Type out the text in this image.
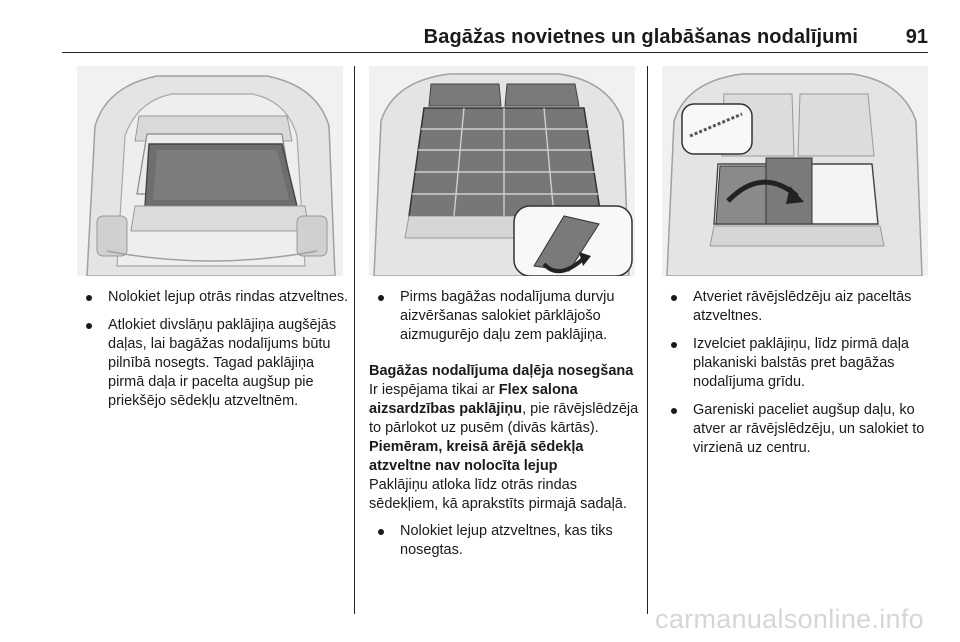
Bagāžas novietnes un glabāšanas nodalījumi 91
Nolokiet lejup otrās rindas atzveltnes.
Atlokiet divslāņu paklājiņa augšējās daļas, lai bagāžas nodalījums būtu pilnībā nosegts. Tagad paklājiņa pirmā daļa ir pacelta augšup pie priekšējo sēdekļu atzveltnēm.
Pirms bagāžas nodalījuma durvju aizvēršanas salokiet pārklājošo aizmugurējo daļu zem paklājiņa.

Bagāžas nodalījuma daļēja nosegšana

Ir iespējama tikai ar Flex salona aizsardzības paklājiņu, pie rāvējslēdzēja to pārlokot uz pusēm (divās kārtās).

Piemēram, kreisā ārējā sēdekļa atzveltne nav nolocīta lejup

Paklājiņu atloka līdz otrās rindas sēdekļiem, kā aprakstīts pirmajā sadaļā.

Nolokiet lejup atzveltnes, kas tiks nosegtas.
Atveriet rāvējslēdzēju aiz paceltās atzveltnes.
Izvelciet paklājiņu, līdz pirmā daļa plakaniski balstās pret bagāžas nodalījuma grīdu.
Gareniski paceliet augšup daļu, ko atver ar rāvējslēdzēju, un salokiet to virzienā uz centru.
carmanualsonline.info
